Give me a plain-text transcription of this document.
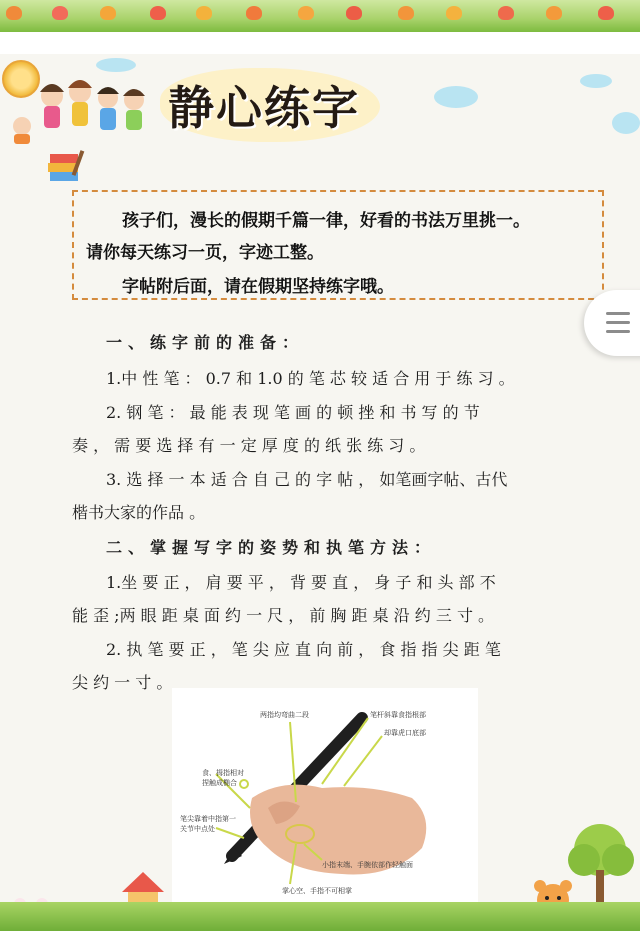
静心练字

孩子们，漫长的假期千篇一律，好看的书法万里挑一。

请你每天练习一页，字迹工整。

字帖附后面，请在假期坚持练字哦。

一、练字前的准备：

1.中 性 笔 ： 0.7 和 1.0 的 笔 芯 较 适 合 用 于 练 习 。

2. 钢 笔 ： 最 能 表 现 笔 画 的 顿 挫 和 书 写 的 节

奏 ， 需 要 选 择 有 一 定 厚 度 的 纸 张 练 习 。

3. 选 择 一 本 适 合 自 己 的 字 帖 ， 如笔画字帖、古代

楷书大家的作品 。

二、掌握写字的姿势和执笔方法：

1.坐 要 正 ， 肩 要 平 ， 背 要 直 ， 身 子 和 头 部 不

能 歪 ;两 眼 距 桌 面 约 一 尺 ， 前 胸 距 桌 沿 约 三 寸 。

2. 执 笔 要 正 ， 笔 尖 应 直 向 前 ， 食 指 指 尖 距 笔

尖 约 一 寸 。

两指均弯曲二段	笔杆斜靠食指根部
却靠虎口底部
食、拇指相对捏触成椭合
笔尖靠着中指第一关节中点处
小指末端、手腕依部作轻触面
掌心空、手指不可相掌
